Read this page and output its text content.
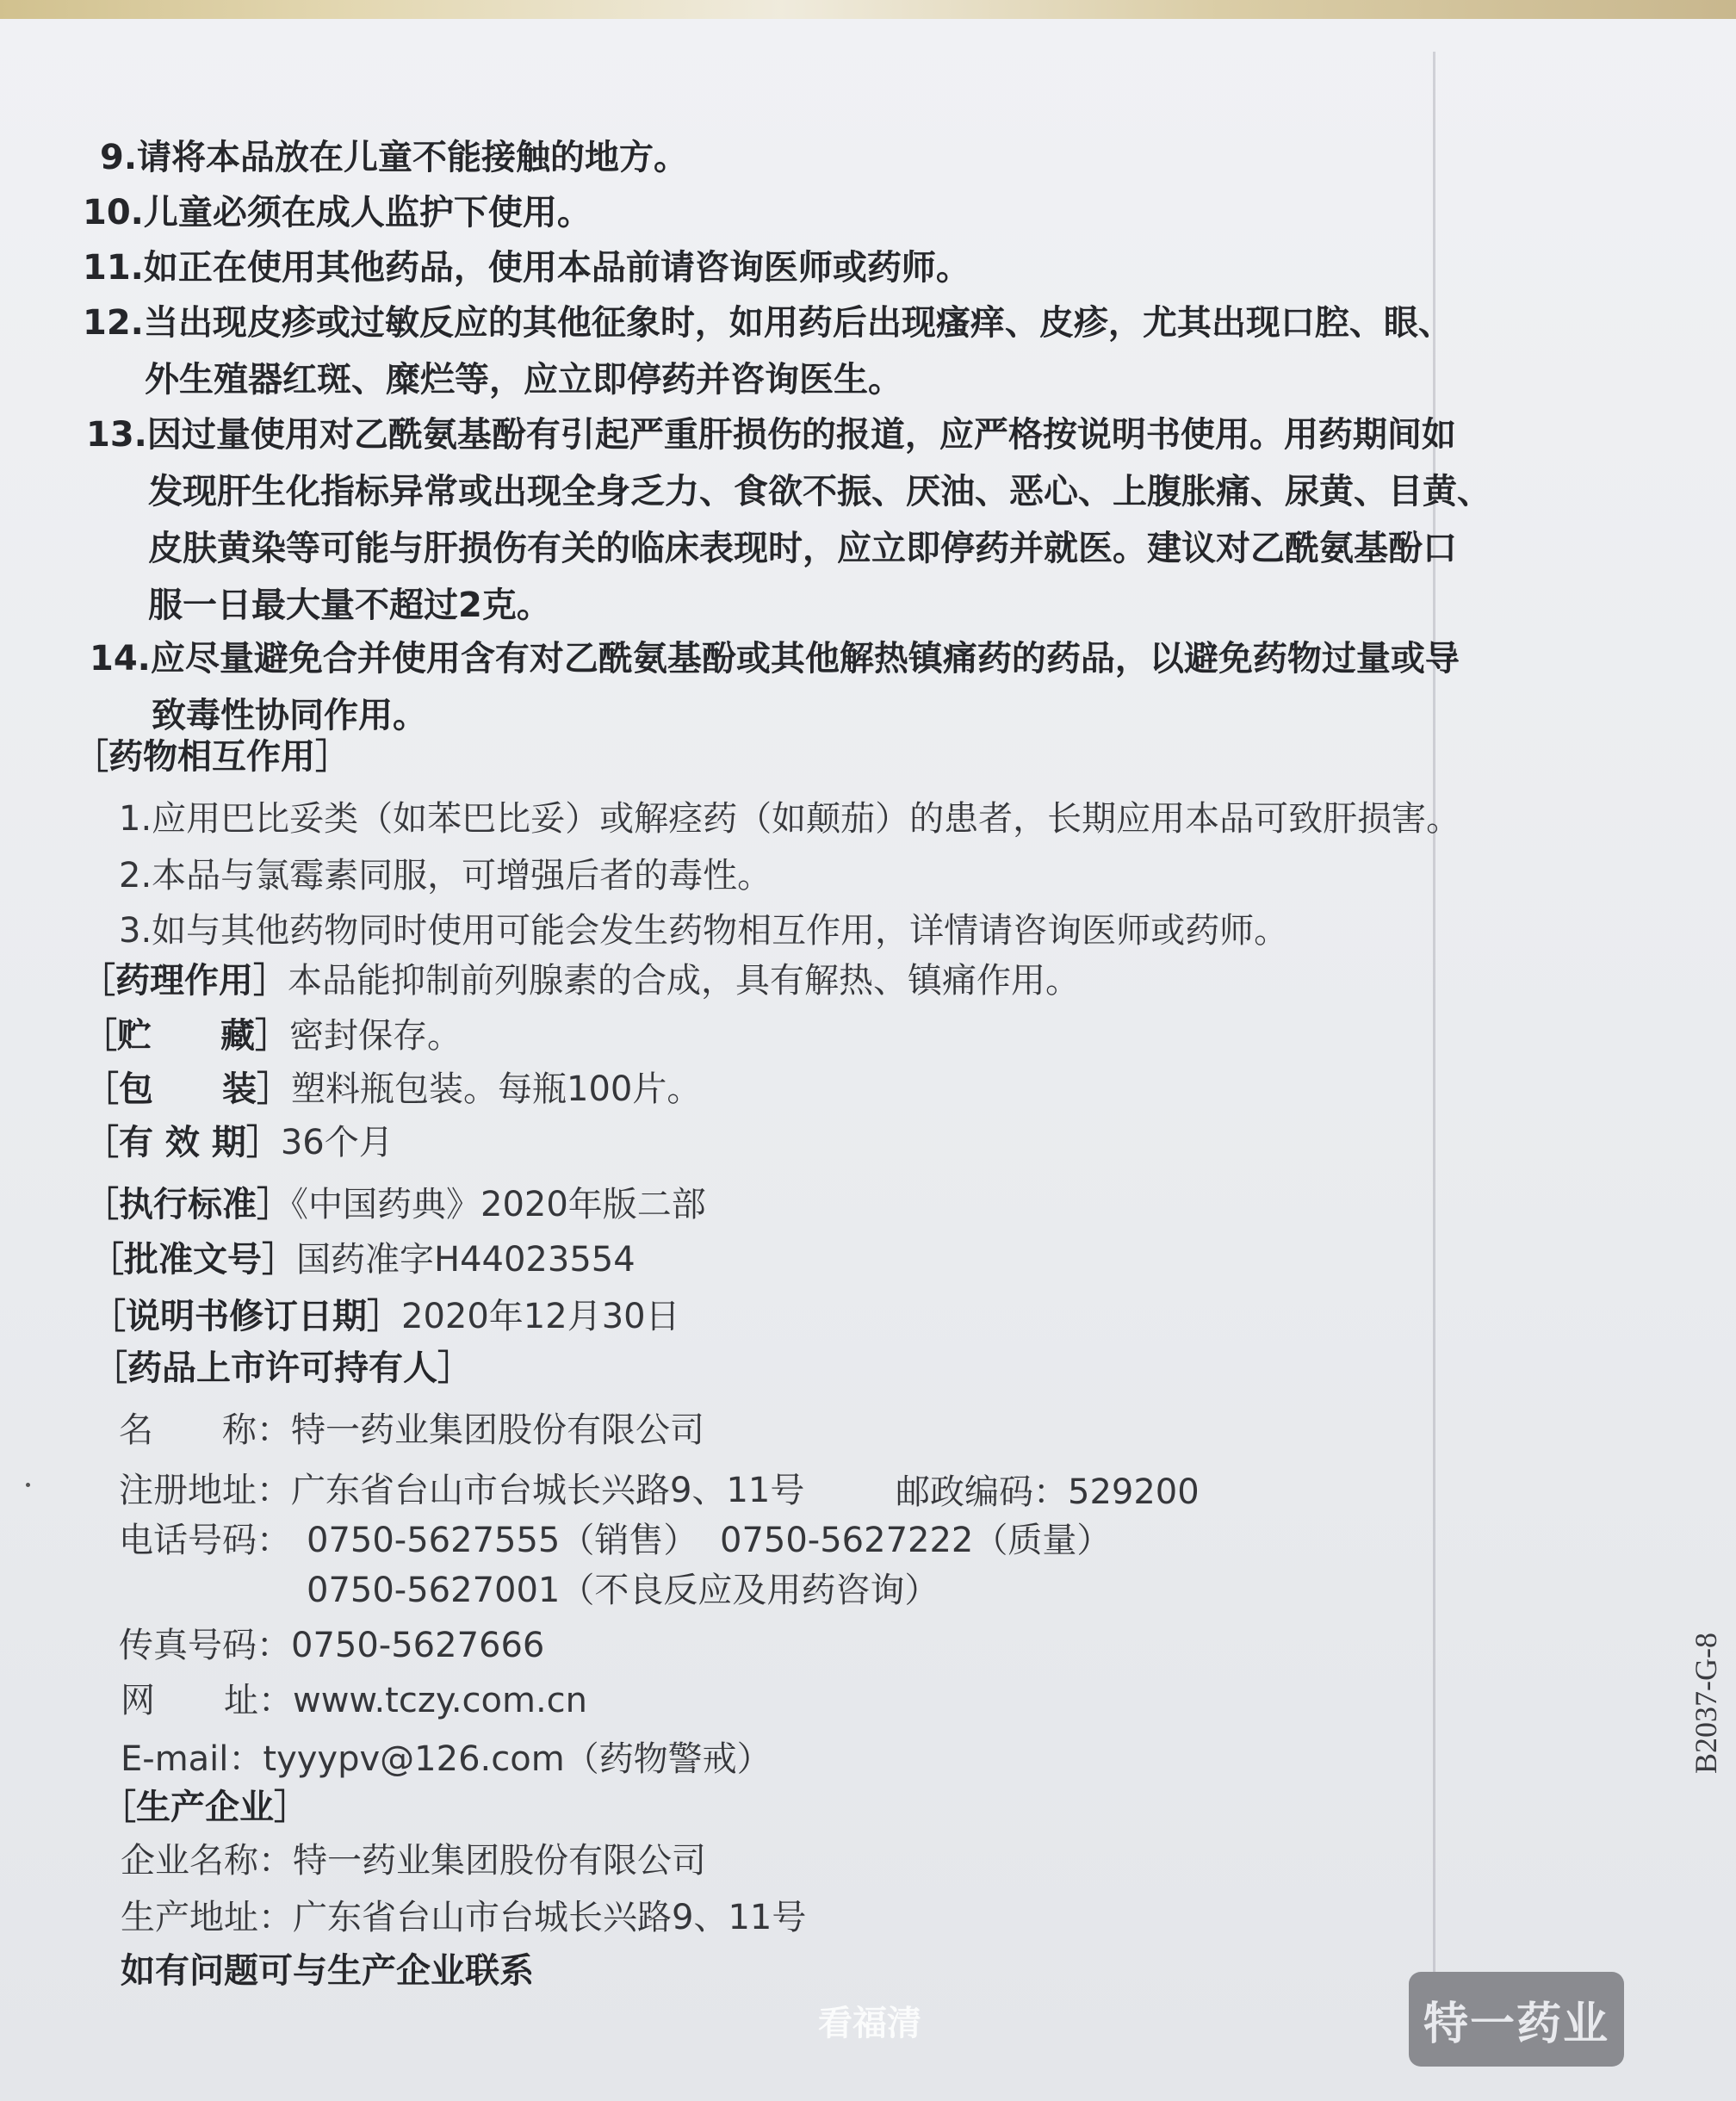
9.请将本品放在儿童不能接触的地方。
10.儿童必须在成人监护下使用。
11.如正在使用其他药品，使用本品前请咨询医师或药师。
12.当出现皮疹或过敏反应的其他征象时，如用药后出现瘙痒、皮疹，尤其出现口腔、眼、
外生殖器红斑、糜烂等，应立即停药并咨询医生。
13.因过量使用对乙酰氨基酚有引起严重肝损伤的报道，应严格按说明书使用。用药期间如
发现肝生化指标异常或出现全身乏力、食欲不振、厌油、恶心、上腹胀痛、尿黄、目黄、
皮肤黄染等可能与肝损伤有关的临床表现时，应立即停药并就医。建议对乙酰氨基酚口
服一日最大量不超过2克。
14.应尽量避免合并使用含有对乙酰氨基酚或其他解热镇痛药的药品，以避免药物过量或导
致毒性协同作用。
［药物相互作用］
1.应用巴比妥类（如苯巴比妥）或解痉药（如颠茄）的患者，长期应用本品可致肝损害。
2.本品与氯霉素同服，可增强后者的毒性。
3.如与其他药物同时使用可能会发生药物相互作用，详情请咨询医师或药师。
［药理作用］本品能抑制前列腺素的合成，具有解热、镇痛作用。
［贮　　藏］密封保存。
［包　　装］塑料瓶包装。每瓶100片。
［有 效 期］36个月
［执行标准］《中国药典》2020年版二部
［批准文号］国药准字H44023554
［说明书修订日期］2020年12月30日
［药品上市许可持有人］
名　　称：特一药业集团股份有限公司
注册地址：广东省台山市台城长兴路9、11号	邮政编码：529200
电话号码： 0750-5627555（销售） 0750-5627222（质量）
0750-5627001（不良反应及用药咨询）
传真号码：0750-5627666
网　　址：www.tczy.com.cn
E-mail：tyyypv@126.com（药物警戒）
［生产企业］
企业名称：特一药业集团股份有限公司
生产地址：广东省台山市台城长兴路9、11号
如有问题可与生产企业联系
B2037-G-8
看福清	特一药业
